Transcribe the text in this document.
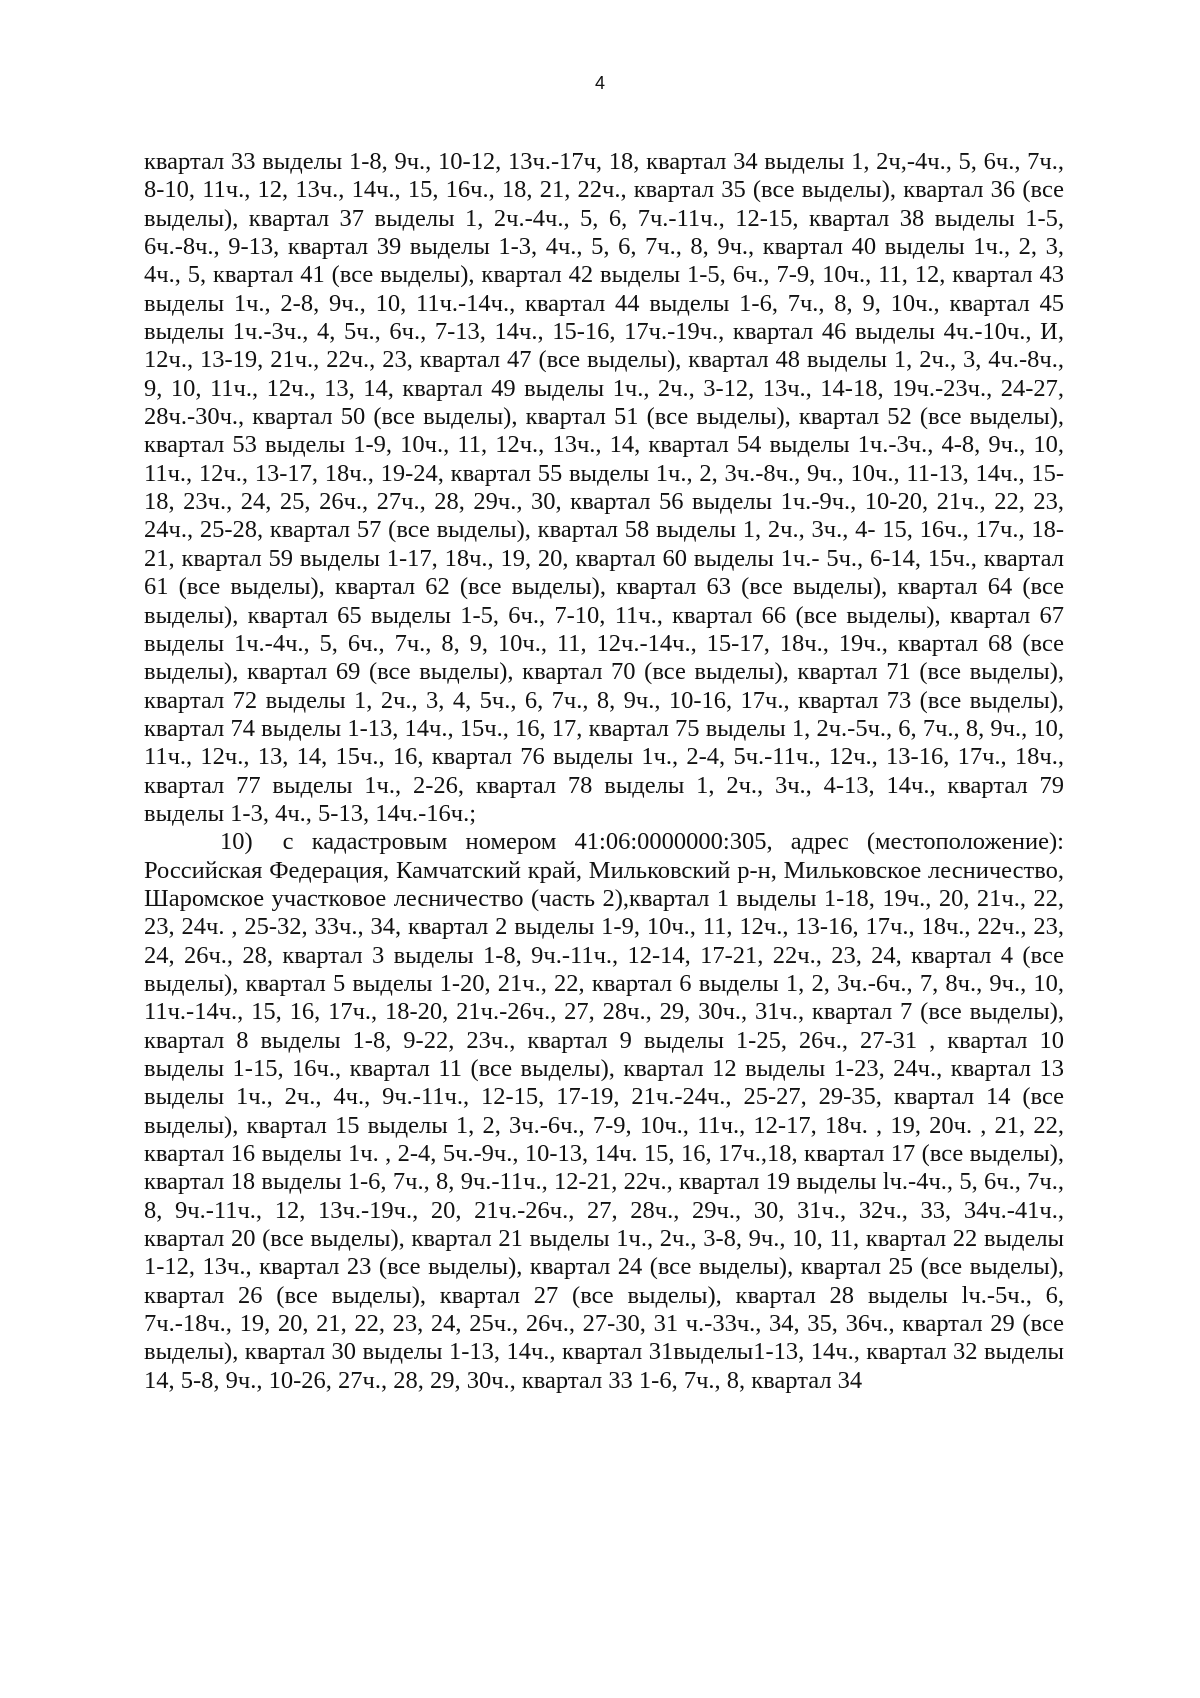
4

квартал 33 выделы 1-8, 9ч., 10-12, 13ч.-17ч, 18, квартал 34 выделы 1, 2ч,-4ч., 5, 6ч., 7ч., 8-10, 11ч., 12, 13ч., 14ч., 15, 16ч., 18, 21, 22ч., квартал 35 (все выделы), квартал 36 (все выделы), квартал 37 выделы 1, 2ч.-4ч., 5, 6, 7ч.-11ч., 12-15, квартал 38 выделы 1-5, 6ч.-8ч., 9-13, квартал 39 выделы 1-3, 4ч., 5, 6, 7ч., 8, 9ч., квартал 40 выделы 1ч., 2, 3, 4ч., 5, квартал 41 (все выделы), квартал 42 выделы 1-5, 6ч., 7-9, 10ч., 11, 12, квартал 43 выделы 1ч., 2-8, 9ч., 10, 11ч.-14ч., квартал 44 выделы 1-6, 7ч., 8, 9, 10ч., квартал 45 выделы 1ч.-3ч., 4, 5ч., 6ч., 7-13, 14ч., 15-16, 17ч.-19ч., квартал 46 выделы 4ч.-10ч., И, 12ч., 13-19, 21ч., 22ч., 23, квартал 47 (все выделы), квартал 48 выделы 1, 2ч., 3, 4ч.-8ч., 9, 10, 11ч., 12ч., 13, 14, квартал 49 выделы 1ч., 2ч., 3-12, 13ч., 14-18, 19ч.-23ч., 24-27, 28ч.-30ч., квартал 50 (все выделы), квартал 51 (все выделы), квартал 52 (все выделы), квартал 53 выделы 1-9, 10ч., 11, 12ч., 13ч., 14, квартал 54 выделы 1ч.-3ч., 4-8, 9ч., 10, 11ч., 12ч., 13-17, 18ч., 19-24, квартал 55 выделы 1ч., 2, 3ч.-8ч., 9ч., 10ч., 11-13, 14ч., 15-18, 23ч., 24, 25, 26ч., 27ч., 28, 29ч., 30, квартал 56 выделы 1ч.-9ч., 10-20, 21ч., 22, 23, 24ч., 25-28, квартал 57 (все выделы), квартал 58 выделы 1, 2ч., 3ч., 4- 15, 16ч., 17ч., 18-21, квартал 59 выделы 1-17, 18ч., 19, 20, квартал 60 выделы 1ч.- 5ч., 6-14, 15ч., квартал 61 (все выделы), квартал 62 (все выделы), квартал 63 (все выделы), квартал 64 (все выделы), квартал 65 выделы 1-5, 6ч., 7-10, 11ч., квартал 66 (все выделы), квартал 67 выделы 1ч.-4ч., 5, 6ч., 7ч., 8, 9, 10ч., 11, 12ч.-14ч., 15-17, 18ч., 19ч., квартал 68 (все выделы), квартал 69 (все выделы), квартал 70 (все выделы), квартал 71 (все выделы), квартал 72 выделы 1, 2ч., 3, 4, 5ч., 6, 7ч., 8, 9ч., 10-16, 17ч., квартал 73 (все выделы), квартал 74 выделы 1-13, 14ч., 15ч., 16, 17, квартал 75 выделы 1, 2ч.-5ч., 6, 7ч., 8, 9ч., 10, 11ч., 12ч., 13, 14, 15ч., 16, квартал 76 выделы 1ч., 2-4, 5ч.-11ч., 12ч., 13-16, 17ч., 18ч., квартал 77 выделы 1ч., 2-26, квартал 78 выделы 1, 2ч., 3ч., 4-13, 14ч., квартал 79 выделы 1-3, 4ч., 5-13, 14ч.-16ч.;

10) с кадастровым номером 41:06:0000000:305, адрес (местоположение): Российская Федерация, Камчатский край, Мильковский р-н, Мильковское лесничество, Шаромское участковое лесничество (часть 2),квартал 1 выделы 1-18, 19ч., 20, 21ч., 22, 23, 24ч. , 25-32, 33ч., 34, квартал 2 выделы 1-9, 10ч., 11, 12ч., 13-16, 17ч., 18ч., 22ч., 23, 24, 26ч., 28, квартал 3 выделы 1-8, 9ч.-11ч., 12-14, 17-21, 22ч., 23, 24, квартал 4 (все выделы), квартал 5 выделы 1-20, 21ч., 22, квартал 6 выделы 1, 2, 3ч.-6ч., 7, 8ч., 9ч., 10, 11ч.-14ч., 15, 16, 17ч., 18-20, 21ч.-26ч., 27, 28ч., 29, 30ч., 31ч., квартал 7 (все выделы), квартал 8 выделы 1-8, 9-22, 23ч., квартал 9 выделы 1-25, 26ч., 27-31 , квартал 10 выделы 1-15, 16ч., квартал 11 (все выделы), квартал 12 выделы 1-23, 24ч., квартал 13 выделы 1ч., 2ч., 4ч., 9ч.-11ч., 12-15, 17-19, 21ч.-24ч., 25-27, 29-35, квартал 14 (все выделы), квартал 15 выделы 1, 2, 3ч.-6ч., 7-9, 10ч., 11ч., 12-17, 18ч. , 19, 20ч. , 21, 22, квартал 16 выделы 1ч. , 2-4, 5ч.-9ч., 10-13, 14ч. 15, 16, 17ч.,18, квартал 17 (все выделы), квартал 18 выделы 1-6, 7ч., 8, 9ч.-11ч., 12-21, 22ч., квартал 19 выделы lч.-4ч., 5, 6ч., 7ч., 8, 9ч.-11ч., 12, 13ч.-19ч., 20, 21ч.-26ч., 27, 28ч., 29ч., 30, 31ч., 32ч., 33, 34ч.-41ч., квартал 20 (все выделы), квартал 21 выделы 1ч., 2ч., 3-8, 9ч., 10, 11, квартал 22 выделы 1-12, 13ч., квартал 23 (все выделы), квартал 24 (все выделы), квартал 25 (все выделы), квартал 26 (все выделы), квартал 27 (все выделы), квартал 28 выделы lч.-5ч., 6, 7ч.-18ч., 19, 20, 21, 22, 23, 24, 25ч., 26ч., 27-30, 31 ч.-33ч., 34, 35, 36ч., квартал 29 (все выделы), квартал 30 выделы 1-13, 14ч., квартал 31выделы1-13, 14ч., квартал 32 выделы 14, 5-8, 9ч., 10-26, 27ч., 28, 29, 30ч., квартал 33 1-6, 7ч., 8, квартал 34
